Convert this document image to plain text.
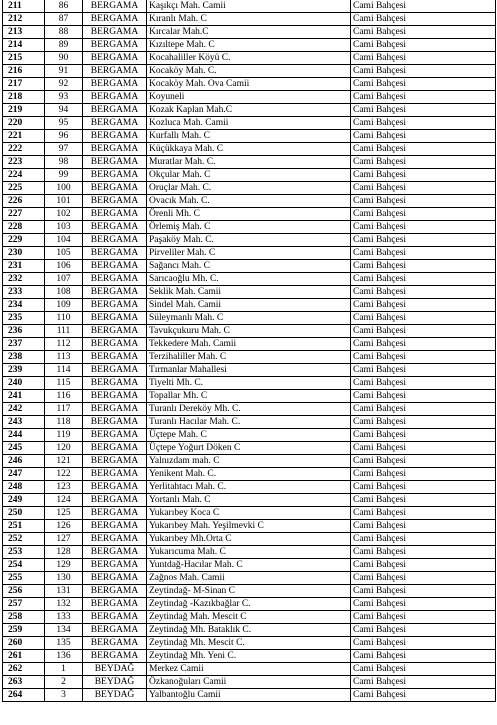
211	86	BERGAMA	Kaşıkçı Mah. Camii	Cami Bahçesi
212	87	BERGAMA	Kıranlı Mah. C	Cami Bahçesi
213	88	BERGAMA	Kırcalar Mah.C	Cami Bahçesi
214	89	BERGAMA	Kızıltepe Mah. C	Cami Bahçesi
215	90	BERGAMA	Kocahaliller Köyü C.	Cami Bahçesi
216	91	BERGAMA	Kocaköy Mah. C.	Cami Bahçesi
217	92	BERGAMA	Kocaköy Mah. Ova Camii	Cami Bahçesi
218	93	BERGAMA	Koyuneli	Cami Bahçesi
219	94	BERGAMA	Kozak Kaplan Mah.C	Cami Bahçesi
220	95	BERGAMA	Kozluca Mah. Camii	Cami Bahçesi
221	96	BERGAMA	Kurfallı Mah. C	Cami Bahçesi
222	97	BERGAMA	Küçükkaya Mah. C	Cami Bahçesi
223	98	BERGAMA	Muratlar Mah. C.	Cami Bahçesi
224	99	BERGAMA	Okçular Mah. C	Cami Bahçesi
225	100	BERGAMA	Oruçlar Mah. C.	Cami Bahçesi
226	101	BERGAMA	Ovacık Mah. C.	Cami Bahçesi
227	102	BERGAMA	Örenli Mh. C	Cami Bahçesi
228	103	BERGAMA	Örlemiş Mah. C	Cami Bahçesi
229	104	BERGAMA	Paşaköy Mah. C.	Cami Bahçesi
230	105	BERGAMA	Pirveliler Mah. C	Cami Bahçesi
231	106	BERGAMA	Sağancı Mah. C	Cami Bahçesi
232	107	BERGAMA	Sarıcaoğlu Mh. C.	Cami Bahçesi
233	108	BERGAMA	Seklik Mah. Camii	Cami Bahçesi
234	109	BERGAMA	Sindel Mah. Camii	Cami Bahçesi
235	110	BERGAMA	Süleymanlı Mah. C	Cami Bahçesi
236	111	BERGAMA	Tavukçukuru Mah. C	Cami Bahçesi
237	112	BERGAMA	Tekkedere Mah. Camii	Cami Bahçesi
238	113	BERGAMA	Terzihaliller Mah. C	Cami Bahçesi
239	114	BERGAMA	Tırmanlar Mahallesi	Cami Bahçesi
240	115	BERGAMA	Tiyelti Mh. C.	Cami Bahçesi
241	116	BERGAMA	Topallar Mh. C	Cami Bahçesi
242	117	BERGAMA	Turanlı Dereköy Mh. C.	Cami Bahçesi
243	118	BERGAMA	Turanlı Hacılar Mah. C.	Cami Bahçesi
244	119	BERGAMA	Üçtepe Mah. C	Cami Bahçesi
245	120	BERGAMA	Üçtepe Yoğurt Döken C	Cami Bahçesi
246	121	BERGAMA	Yalnızdam mah. C	Cami Bahçesi
247	122	BERGAMA	Yenikent Mah. C.	Cami Bahçesi
248	123	BERGAMA	Yerlitahtacı Mah. C.	Cami Bahçesi
249	124	BERGAMA	Yortanlı Mah. C	Cami Bahçesi
250	125	BERGAMA	Yukarıbey Koca C	Cami Bahçesi
251	126	BERGAMA	Yukarıbey Mah. Yeşilmevki C	Cami Bahçesi
252	127	BERGAMA	Yukarıbey Mh.Orta C	Cami Bahçesi
253	128	BERGAMA	Yukarıcuma Mah. C	Cami Bahçesi
254	129	BERGAMA	Yuntdağ-Hacılar Mah. C	Cami Bahçesi
255	130	BERGAMA	Zağnos Mah. Camii	Cami Bahçesi
256	131	BERGAMA	Zeytindağ- M-Sinan C	Cami Bahçesi
257	132	BERGAMA	Zeytindağ -Kazıkbağlar C.	Cami Bahçesi
258	133	BERGAMA	Zeytindağ Mah. Mescit C	Cami Bahçesi
259	134	BERGAMA	Zeytindağ Mh. Bataklık C.	Cami Bahçesi
260	135	BERGAMA	Zeytindağ Mh. Mescit C.	Cami Bahçesi
261	136	BERGAMA	Zeytindağ Mh. Yeni C.	Cami Bahçesi
262	1	BEYDAĞ	Merkez Camii	Cami Bahçesi
263	2	BEYDAĞ	Özkanoğuları Camii	Cami Bahçesi
264	3	BEYDAĞ	Yalbantoğlu Camii	Cami Bahçesi
